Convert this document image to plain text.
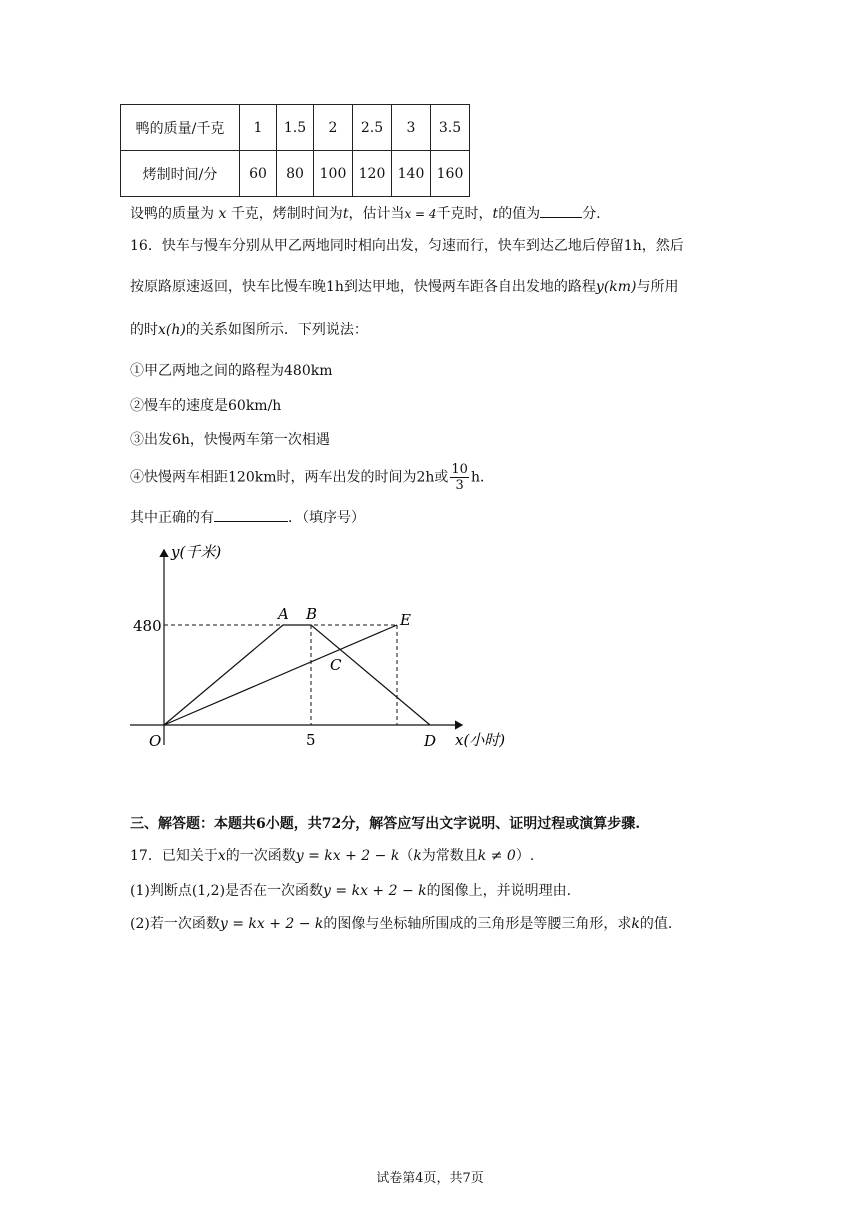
鸭的质量/千克	1	1.5	2	2.5	3	3.5
烤制时间/分	60	80	100	120	140	160
设鸭的质量为 x 千克，烤制时间为t，估计当x = 4千克时，t的值为	分.
16．快车与慢车分别从甲乙两地同时相向出发，匀速而行，快车到达乙地后停留1h，然后
按原路原速返回，快车比慢车晚1h到达甲地，快慢两车距各自出发地的路程y(km)与所用
的时x(h)的关系如图所示．下列说法：
①甲乙两地之间的路程为480km
②慢车的速度是60km/h
③出发6h，快慢两车第一次相遇
④快慢两车相距120km时，两车出发的时间为2h或 $\frac{10}{3}$ h．
其中正确的有	．（填序号）
y(千米)
x(小时)
O
480
5
A B
C
D
E
三、解答题：本题共6小题，共72分，解答应写出文字说明、证明过程或演算步骤.
17．已知关于x的一次函数y = kx + 2 − k（k为常数且k ≠ 0）.
(1)判断点(1,2)是否在一次函数y = kx + 2 − k的图像上，并说明理由.
(2)若一次函数y = kx + 2 − k的图像与坐标轴所围成的三角形是等腰三角形，求k的值.
试卷第4页，共7页
